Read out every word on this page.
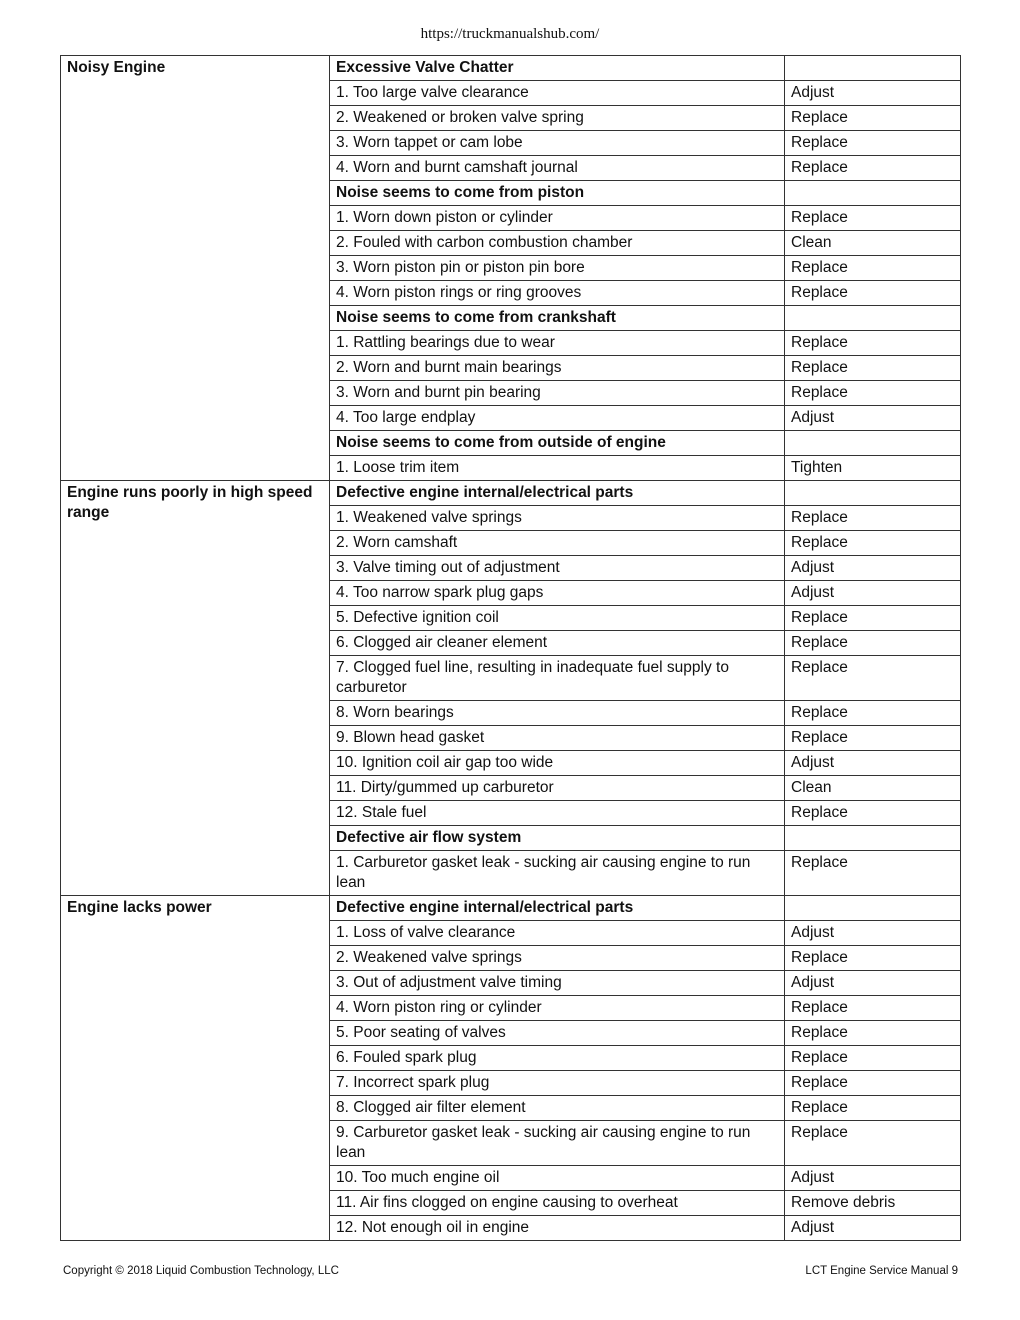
https://truckmanualshub.com/
Noisy Engine	Excessive Valve Chatter	
	1. Too large valve clearance	Adjust
	2. Weakened or broken valve spring	Replace
	3. Worn tappet or cam lobe	Replace
	4. Worn and burnt camshaft journal	Replace
	Noise seems to come from piston	
	1. Worn down piston or cylinder	Replace
	2. Fouled with carbon combustion chamber	Clean
	3. Worn piston pin or piston pin bore	Replace
	4. Worn piston rings or ring grooves	Replace
	Noise seems to come from crankshaft	
	1. Rattling bearings due to wear	Replace
	2. Worn and burnt main bearings	Replace
	3. Worn and burnt pin bearing	Replace
	4. Too large endplay	Adjust
	Noise seems to come from outside of engine	
	1. Loose trim item	Tighten
Engine runs poorly in high speed range	Defective engine internal/electrical parts	
	1. Weakened valve springs	Replace
	2. Worn camshaft	Replace
	3. Valve timing out of adjustment	Adjust
	4. Too narrow spark plug gaps	Adjust
	5. Defective ignition coil	Replace
	6. Clogged air cleaner element	Replace
	7. Clogged fuel line, resulting in inadequate fuel supply to carburetor	Replace
	8. Worn bearings	Replace
	9. Blown head gasket	Replace
	10. Ignition coil air gap too wide	Adjust
	11. Dirty/gummed up carburetor	Clean
	12. Stale fuel	Replace
	Defective air flow system	
	1. Carburetor gasket leak - sucking air causing engine to run lean	Replace
Engine lacks power	Defective engine internal/electrical parts	
	1. Loss of valve clearance	Adjust
	2. Weakened valve springs	Replace
	3. Out of adjustment valve timing	Adjust
	4. Worn piston ring or cylinder	Replace
	5. Poor seating of valves	Replace
	6. Fouled spark plug	Replace
	7. Incorrect spark plug	Replace
	8. Clogged air filter element	Replace
	9. Carburetor gasket leak - sucking air causing engine to run lean	Replace
	10. Too much engine oil	Adjust
	11. Air fins clogged on engine causing to overheat	Remove debris
	12. Not enough oil in engine	Adjust
Copyright © 2018 Liquid Combustion Technology, LLC	LCT Engine Service Manual 9
